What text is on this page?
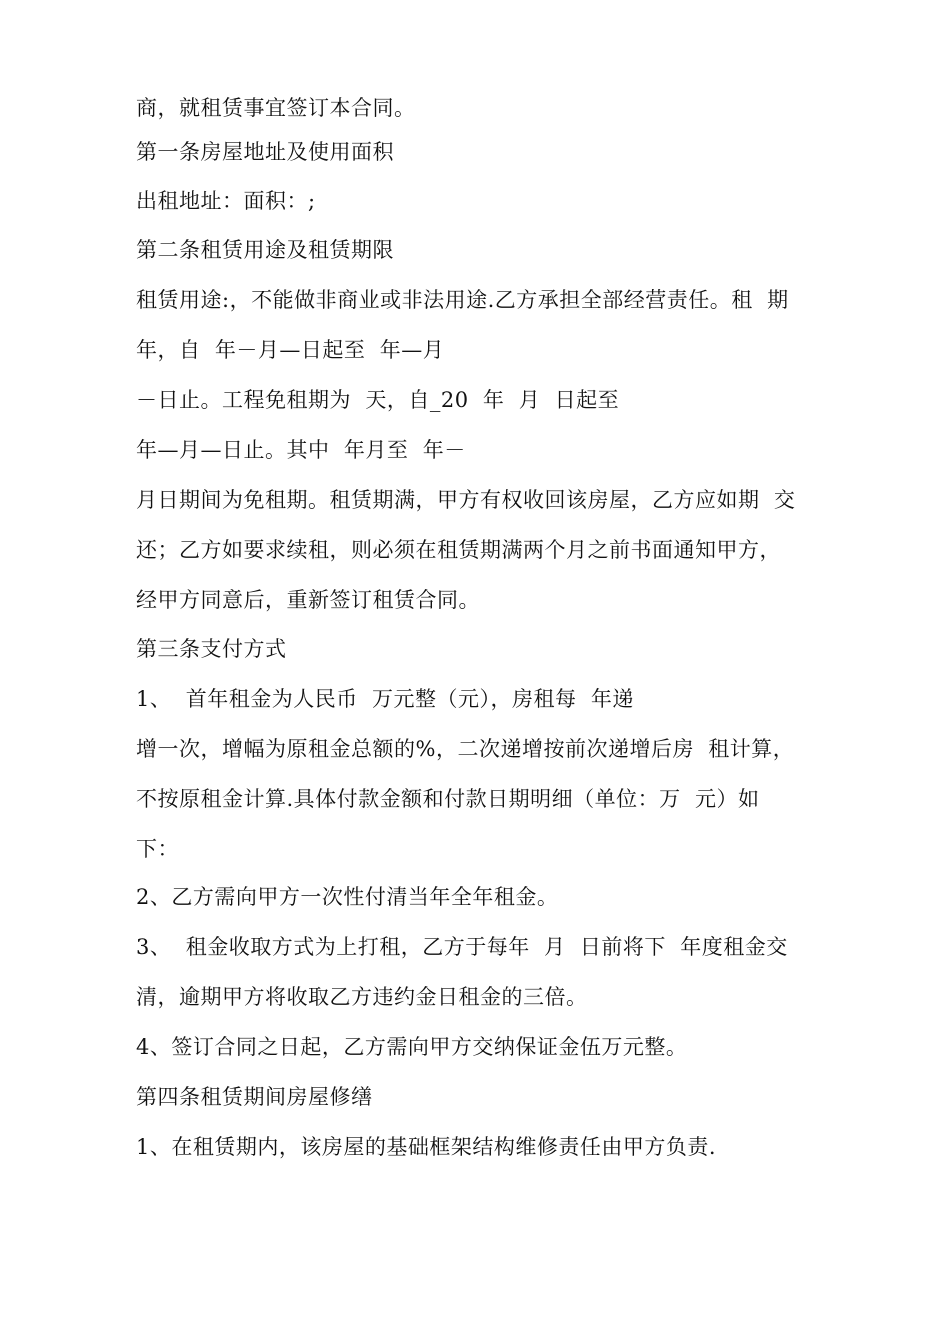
商，就租赁事宜签订本合同。
第一条房屋地址及使用面积
出租地址：面积：;
第二条租赁用途及租赁期限
租赁用途:，不能做非商业或非法用途.乙方承担全部经营责任。租  期
年，自  年－月—日起至  年—月
－日止。工程免租期为  天，自_20  年  月  日起至
年—月—日止。其中  年月至  年－
月日期间为免租期。租赁期满，甲方有权收回该房屋，乙方应如期  交
还；乙方如要求续租，则必须在租赁期满两个月之前书面通知甲方，
经甲方同意后，重新签订租赁合同。
第三条支付方式
1、  首年租金为人民币  万元整（元），房租每  年递
增一次，增幅为原租金总额的%，二次递增按前次递增后房  租计算，
不按原租金计算.具体付款金额和付款日期明细（单位：万  元）如
下：
2、乙方需向甲方一次性付清当年全年租金。
3、  租金收取方式为上打租，乙方于每年  月  日前将下  年度租金交
清，逾期甲方将收取乙方违约金日租金的三倍。
4、签订合同之日起，乙方需向甲方交纳保证金伍万元整。
第四条租赁期间房屋修缮
1、在租赁期内，该房屋的基础框架结构维修责任由甲方负责.
